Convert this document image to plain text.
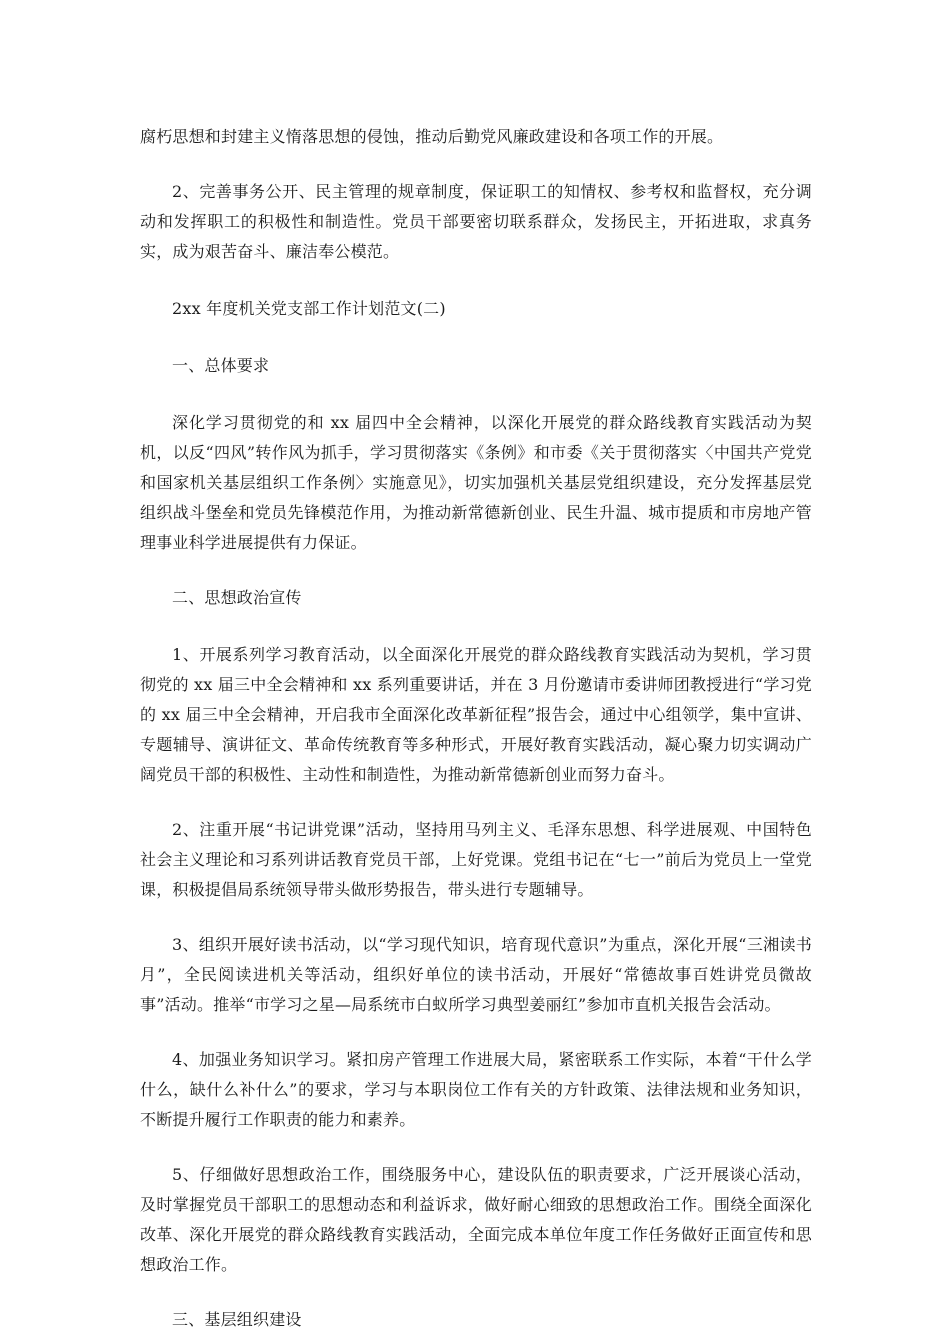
腐朽思想和封建主义惰落思想的侵蚀，推动后勤党风廉政建设和各项工作的开展。

2、完善事务公开、民主管理的规章制度，保证职工的知情权、参考权和监督权，充分调动和发挥职工的积极性和制造性。党员干部要密切联系群众，发扬民主，开拓进取，求真务实，成为艰苦奋斗、廉洁奉公模范。

2xx 年度机关党支部工作计划范文(二)

一、总体要求

深化学习贯彻党的和 xx 届四中全会精神，以深化开展党的群众路线教育实践活动为契机，以反“四风”转作风为抓手，学习贯彻落实《条例》和市委《关于贯彻落实〈中国共产党党和国家机关基层组织工作条例〉实施意见》，切实加强机关基层党组织建设，充分发挥基层党组织战斗堡垒和党员先锋模范作用，为推动新常德新创业、民生升温、城市提质和市房地产管理事业科学进展提供有力保证。

二、思想政治宣传

1、开展系列学习教育活动，以全面深化开展党的群众路线教育实践活动为契机，学习贯彻党的 xx 届三中全会精神和 xx 系列重要讲话，并在 3 月份邀请市委讲师团教授进行“学习党的 xx 届三中全会精神，开启我市全面深化改革新征程”报告会，通过中心组领学，集中宣讲、专题辅导、演讲征文、革命传统教育等多种形式，开展好教育实践活动，凝心聚力切实调动广阔党员干部的积极性、主动性和制造性，为推动新常德新创业而努力奋斗。

2、注重开展“书记讲党课”活动，坚持用马列主义、毛泽东思想、科学进展观、中国特色社会主义理论和习系列讲话教育党员干部，上好党课。党组书记在“七一”前后为党员上一堂党课，积极提倡局系统领导带头做形势报告，带头进行专题辅导。

3、组织开展好读书活动，以“学习现代知识，培育现代意识”为重点，深化开展“三湘读书月”，全民阅读进机关等活动，组织好单位的读书活动，开展好“常德故事百姓讲党员微故事”活动。推举“市学习之星—局系统市白蚁所学习典型姜丽红”参加市直机关报告会活动。

4、加强业务知识学习。紧扣房产管理工作进展大局，紧密联系工作实际，本着“干什么学什么，缺什么补什么”的要求，学习与本职岗位工作有关的方针政策、法律法规和业务知识，不断提升履行工作职责的能力和素养。

5、仔细做好思想政治工作，围绕服务中心，建设队伍的职责要求，广泛开展谈心活动，及时掌握党员干部职工的思想动态和利益诉求，做好耐心细致的思想政治工作。围绕全面深化改革、深化开展党的群众路线教育实践活动，全面完成本单位年度工作任务做好正面宣传和思想政治工作。

三、基层组织建设
